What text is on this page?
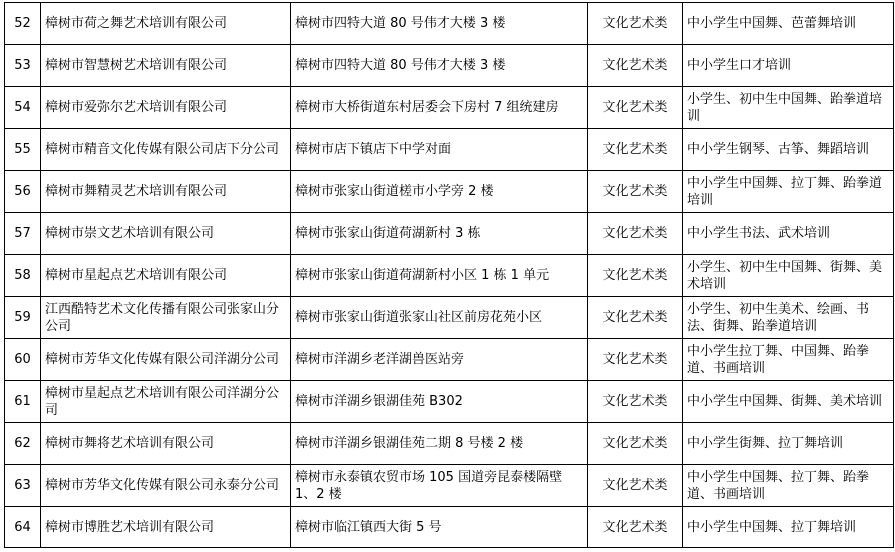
52	樟树市荷之舞艺术培训有限公司	樟树市四特大道 80 号伟才大楼 3 楼	文化艺术类	中小学生中国舞、芭蕾舞培训
53	樟树市智慧树艺术培训有限公司	樟树市四特大道 80 号伟才大楼 3 楼	文化艺术类	中小学生口才培训
54	樟树市爱弥尔艺术培训有限公司	樟树市大桥街道东村居委会下房村 7 组统建房	文化艺术类	小学生、初中生中国舞、跆拳道培训
55	樟树市精音文化传媒有限公司店下分公司	樟树市店下镇店下中学对面	文化艺术类	中小学生钢琴、古筝、舞蹈培训
56	樟树市舞精灵艺术培训有限公司	樟树市张家山街道槎市小学旁 2 楼	文化艺术类	中小学生中国舞、拉丁舞、跆拳道培训
57	樟树市崇文艺术培训有限公司	樟树市张家山街道荷湖新村 3 栋	文化艺术类	中小学生书法、武术培训
58	樟树市星起点艺术培训有限公司	樟树市张家山街道荷湖新村小区 1 栋 1 单元	文化艺术类	小学生、初中生中国舞、街舞、美术培训
59	江西酷特艺术文化传播有限公司张家山分公司	樟树市张家山街道张家山社区前房花苑小区	文化艺术类	小学生、初中生美术、绘画、书法、街舞、跆拳道培训
60	樟树市芳华文化传媒有限公司洋湖分公司	樟树市洋湖乡老洋湖兽医站旁	文化艺术类	中小学生拉丁舞、中国舞、跆拳道、书画培训
61	樟树市星起点艺术培训有限公司洋湖分公司	樟树市洋湖乡银湖佳苑 B302	文化艺术类	中小学生中国舞、街舞、美术培训
62	樟树市舞将艺术培训有限公司	樟树市洋湖乡银湖佳苑二期 8 号楼 2 楼	文化艺术类	中小学生街舞、拉丁舞培训
63	樟树市芳华文化传媒有限公司永泰分公司	樟树市永泰镇农贸市场 105 国道旁昆泰楼隔壁 1、2 楼	文化艺术类	中小学生中国舞、拉丁舞、跆拳道、书画培训
64	樟树市博胜艺术培训有限公司	樟树市临江镇西大街 5 号	文化艺术类	中小学生中国舞、拉丁舞培训
